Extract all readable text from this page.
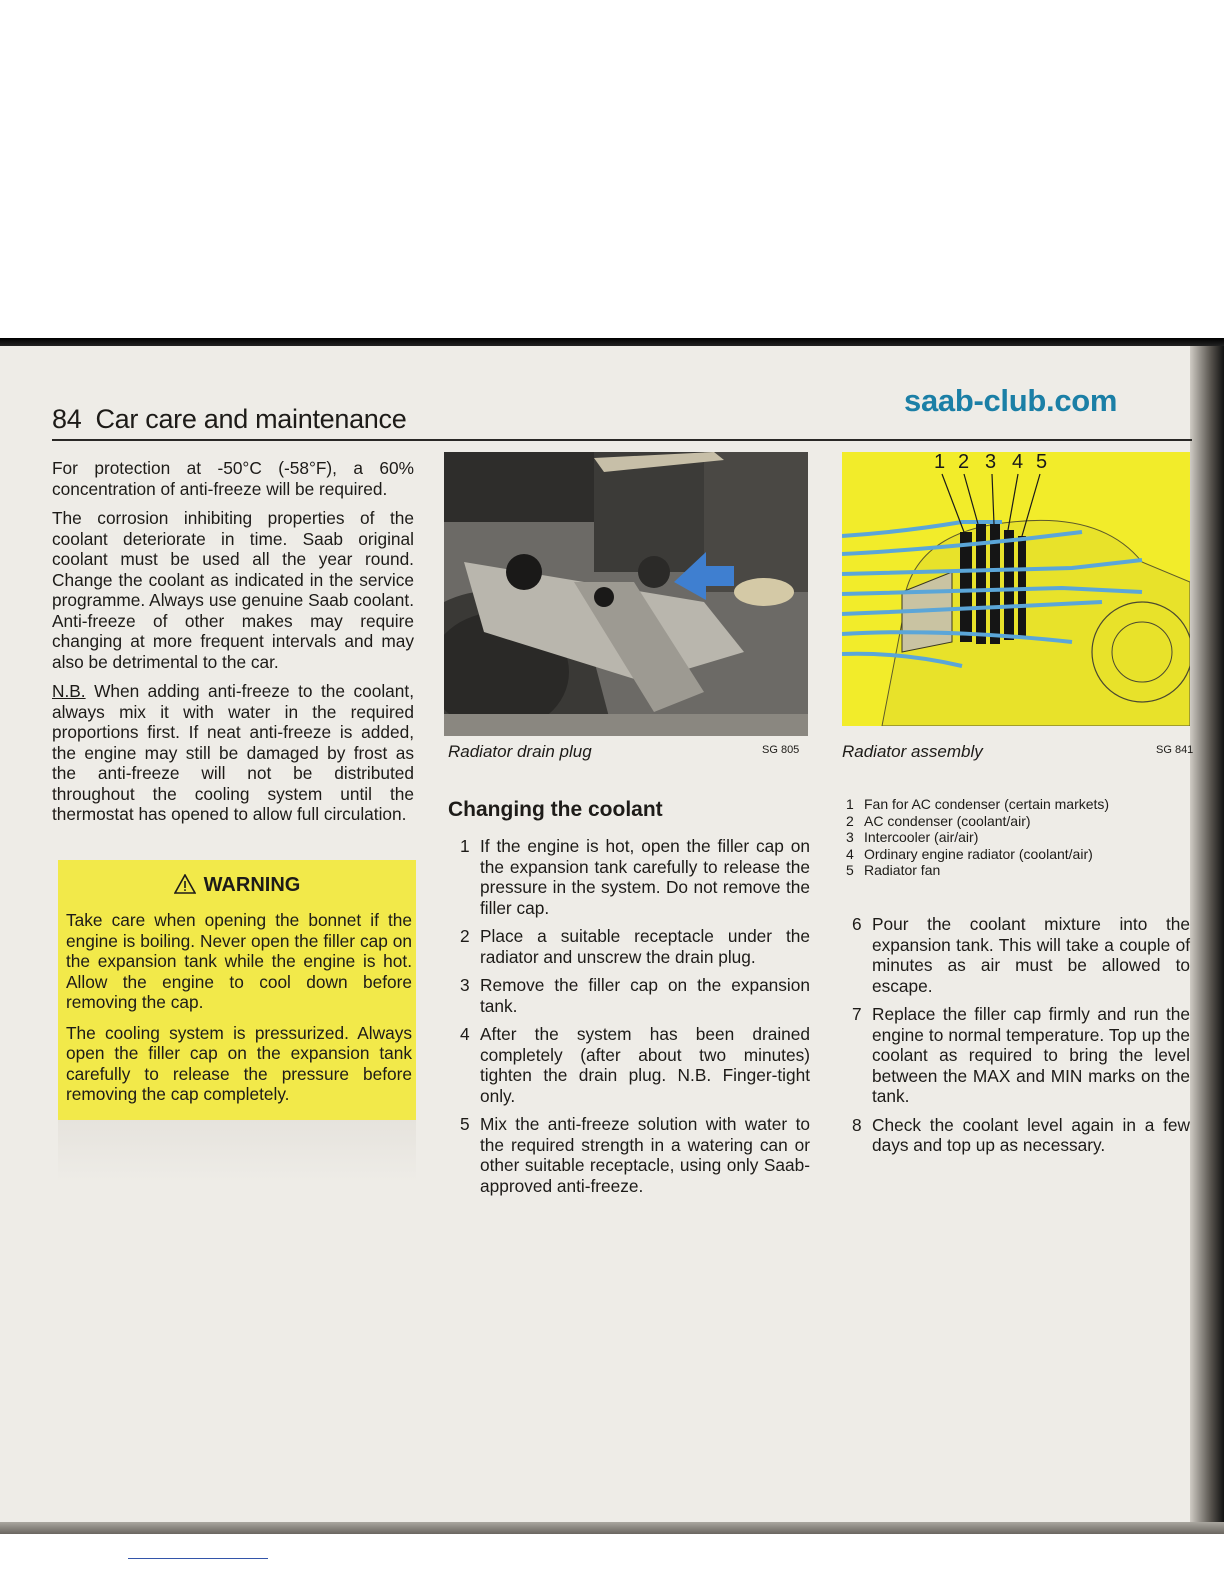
84 Car care and maintenance
saab-club.com

For protection at -50°C (-58°F), a 60% concentration of anti-freeze will be required.

The corrosion inhibiting properties of the coolant deteriorate in time. Saab original coolant must be used all the year round. Change the coolant as indicated in the service programme. Always use genuine Saab coolant. Anti-freeze of other makes may require changing at more frequent intervals and may also be detrimental to the car.

N.B. When adding anti-freeze to the coolant, always mix it with water in the required proportions first. If neat anti-freeze is added, the engine may still be damaged by frost as the anti-freeze will not be distributed throughout the cooling system until the thermostat has opened to allow full circulation.

WARNING

Take care when opening the bonnet if the engine is boiling. Never open the filler cap on the expansion tank while the engine is hot. Allow the engine to cool down before removing the cap.

The cooling system is pressurized. Always open the filler cap on the expansion tank carefully to release the pressure before removing the cap completely.

1 2 3 4 5
Radiator drain plug	SG 805	Radiator assembly	SG 841
1 Fan for AC condenser (certain markets)
2 AC condenser (coolant/air)
3 Intercooler (air/air)
4 Ordinary engine radiator (coolant/air)
5 Radiator fan
Changing the coolant
1 If the engine is hot, open the filler cap on the expansion tank carefully to release the pressure in the system. Do not remove the filler cap.
2 Place a suitable receptacle under the radiator and unscrew the drain plug.
3 Remove the filler cap on the expansion tank.
4 After the system has been drained completely (after about two minutes) tighten the drain plug. N.B. Finger-tight only.
5 Mix the anti-freeze solution with water to the required strength in a watering can or other suitable receptacle, using only Saab-approved anti-freeze.
6 Pour the coolant mixture into the expansion tank. This will take a couple of minutes as air must be allowed to escape.
7 Replace the filler cap firmly and run the engine to normal temperature. Top up the coolant as required to bring the level between the MAX and MIN marks on the tank.
8 Check the coolant level again in a few days and top up as necessary.
